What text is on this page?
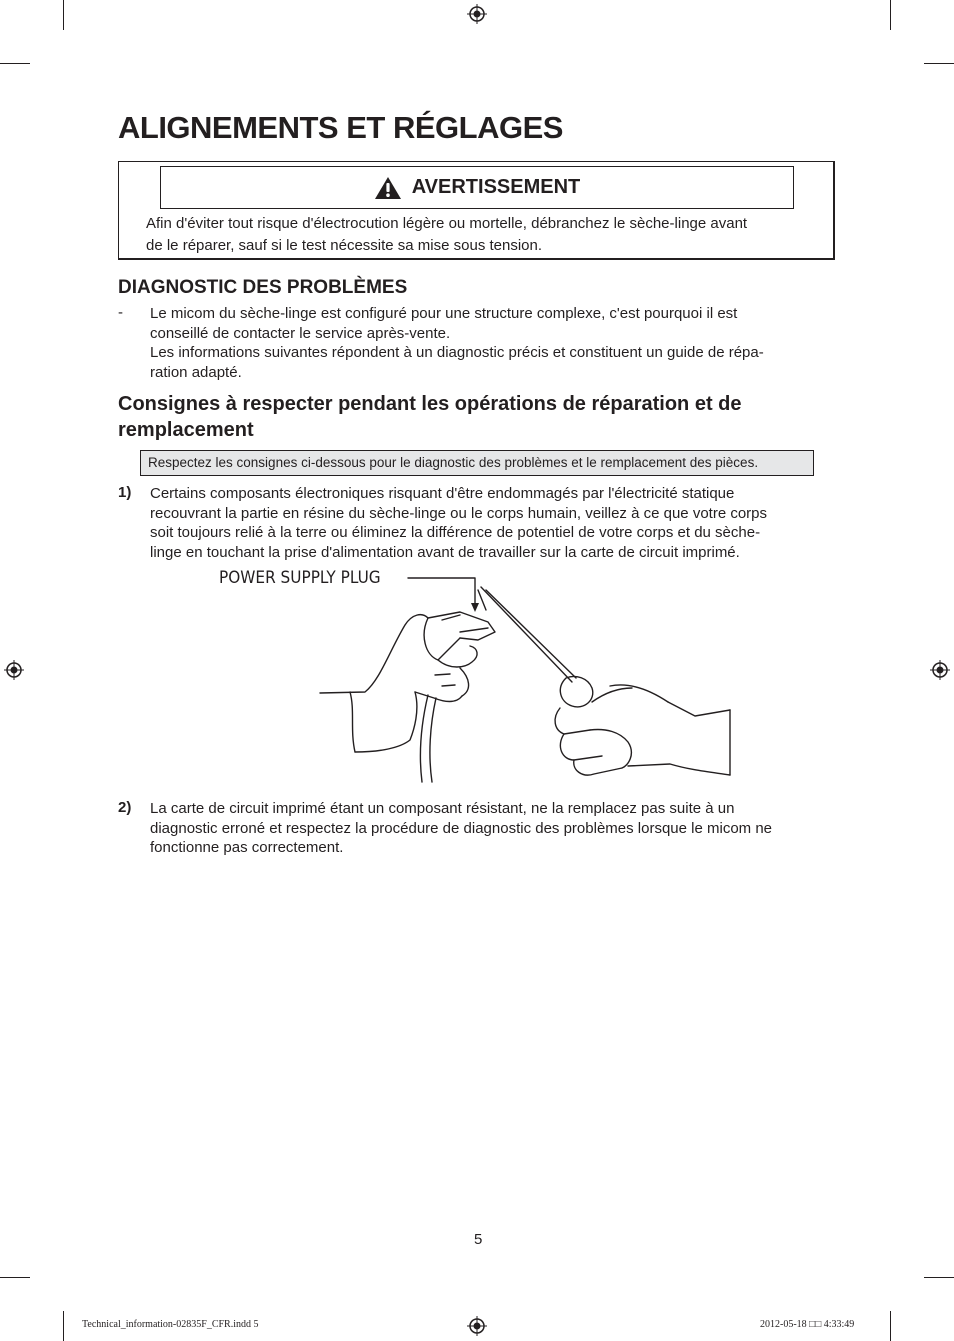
ALIGNEMENTS ET RÉGLAGES
AVERTISSEMENT
Afin d'éviter tout risque d'électrocution légère ou mortelle, débranchez le sèche-linge avant
de le réparer, sauf si le test nécessite sa mise sous tension.
DIAGNOSTIC DES PROBLÈMES
- Le micom du sèche-linge est configuré pour une structure complexe, c'est pourquoi il est
conseillé de contacter le service après-vente.
Les informations suivantes répondent à un diagnostic précis et constituent un guide de répa-
ration adapté.
Consignes à respecter pendant les opérations de réparation et de
remplacement
Respectez les consignes ci-dessous pour le diagnostic des problèmes et le remplacement des pièces.
1) Certains composants électroniques risquant d'être endommagés par l'électricité statique
recouvrant la partie en résine du sèche-linge ou le corps humain, veillez à ce que votre corps
soit toujours relié à la terre ou éliminez la différence de potentiel de votre corps et du sèche-
linge en touchant la prise d'alimentation avant de travailler sur la carte de circuit imprimé.
POWER SUPPLY PLUG
2) La carte de circuit imprimé étant un composant résistant, ne la remplacez pas suite à un
diagnostic erroné et respectez la procédure de diagnostic des problèmes lorsque le micom ne
fonctionne pas correctement.
5
Technical_information-02835F_CFR.indd 5	2012-05-18 □□ 4:33:49
